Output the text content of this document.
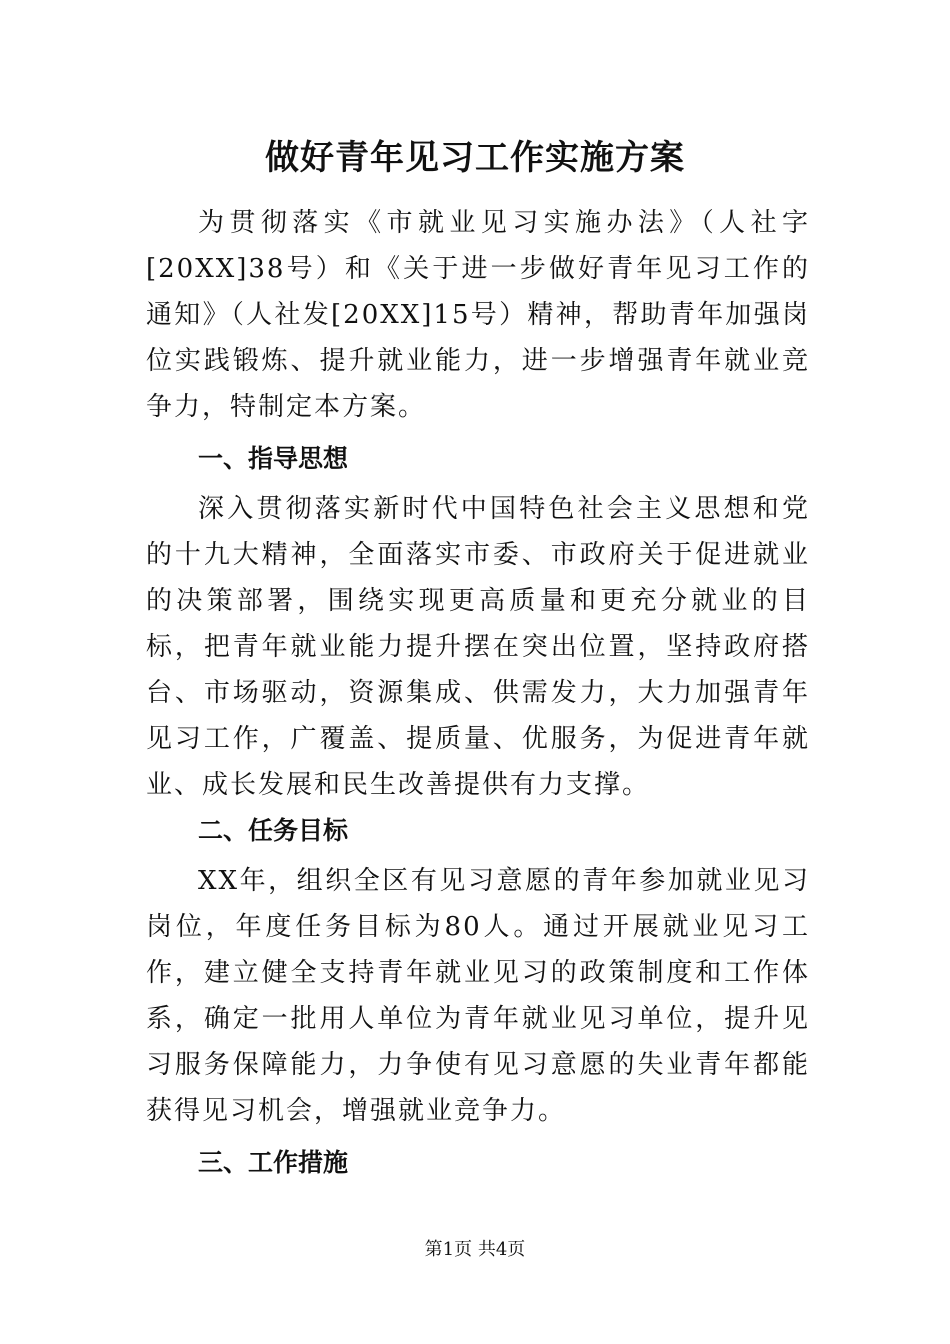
做好青年见习工作实施方案

为贯彻落实《市就业见习实施办法》（人社字[20XX]38号）和《关于进一步做好青年见习工作的通知》（人社发[20XX]15号）精神，帮助青年加强岗位实践锻炼、提升就业能力，进一步增强青年就业竞争力，特制定本方案。

一、指导思想

深入贯彻落实新时代中国特色社会主义思想和党的十九大精神，全面落实市委、市政府关于促进就业的决策部署，围绕实现更高质量和更充分就业的目标，把青年就业能力提升摆在突出位置，坚持政府搭台、市场驱动，资源集成、供需发力，大力加强青年见习工作，广覆盖、提质量、优服务，为促进青年就业、成长发展和民生改善提供有力支撑。

二、任务目标

XX年，组织全区有见习意愿的青年参加就业见习岗位，年度任务目标为80人。通过开展就业见习工作，建立健全支持青年就业见习的政策制度和工作体系，确定一批用人单位为青年就业见习单位，提升见习服务保障能力，力争使有见习意愿的失业青年都能获得见习机会，增强就业竞争力。

三、工作措施
第1页 共4页
